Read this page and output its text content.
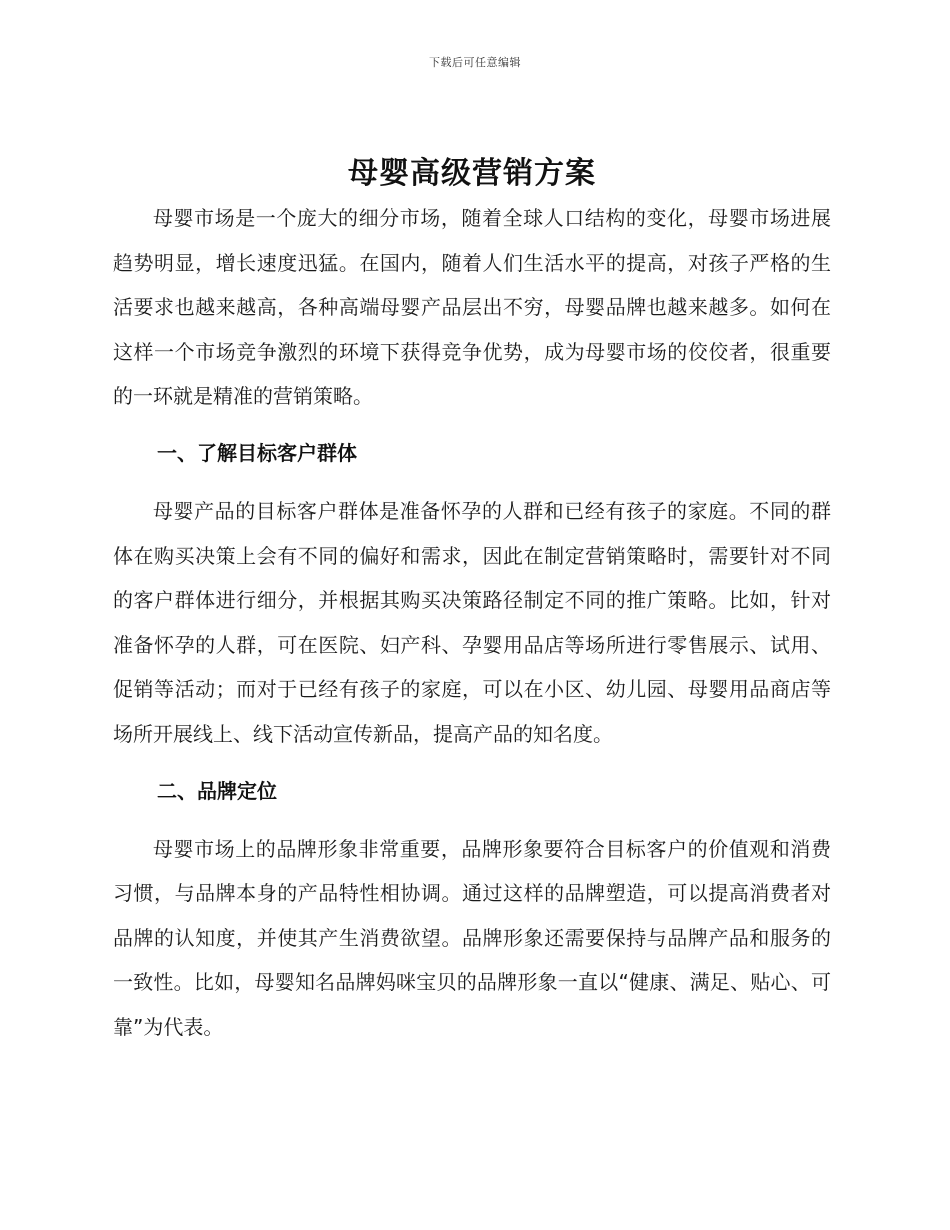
下载后可任意编辑
母婴高级营销方案

母婴市场是一个庞大的细分市场，随着全球人口结构的变化，母婴市场进展趋势明显，增长速度迅猛。在国内，随着人们生活水平的提高，对孩子严格的生活要求也越来越高，各种高端母婴产品层出不穷，母婴品牌也越来越多。如何在这样一个市场竞争激烈的环境下获得竞争优势，成为母婴市场的佼佼者，很重要的一环就是精准的营销策略。

一、了解目标客户群体

母婴产品的目标客户群体是准备怀孕的人群和已经有孩子的家庭。不同的群体在购买决策上会有不同的偏好和需求，因此在制定营销策略时，需要针对不同的客户群体进行细分，并根据其购买决策路径制定不同的推广策略。比如，针对准备怀孕的人群，可在医院、妇产科、孕婴用品店等场所进行零售展示、试用、促销等活动；而对于已经有孩子的家庭，可以在小区、幼儿园、母婴用品商店等场所开展线上、线下活动宣传新品，提高产品的知名度。

二、品牌定位

母婴市场上的品牌形象非常重要，品牌形象要符合目标客户的价值观和消费习惯，与品牌本身的产品特性相协调。通过这样的品牌塑造，可以提高消费者对品牌的认知度，并使其产生消费欲望。品牌形象还需要保持与品牌产品和服务的一致性。比如，母婴知名品牌妈咪宝贝的品牌形象一直以“健康、满足、贴心、可靠”为代表。
